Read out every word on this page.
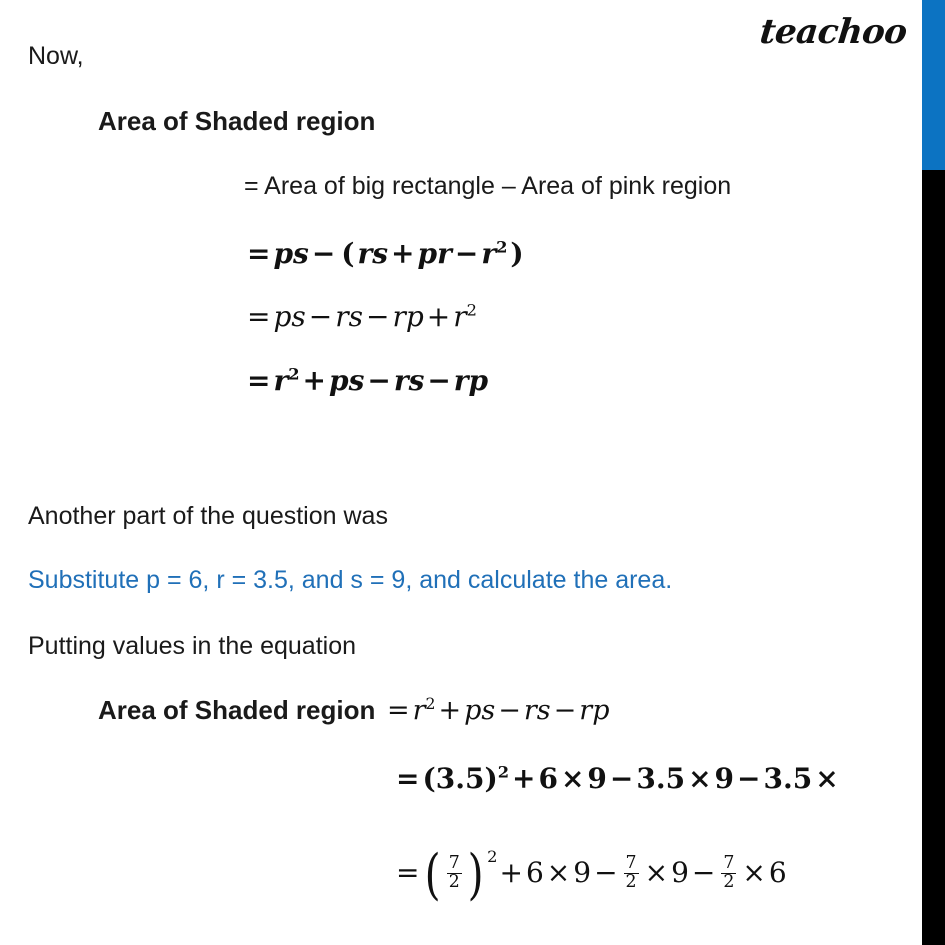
teachoo
Now,
Area of Shaded region
= Area of big rectangle – Area of pink region
= ps − ( rs + pr − $r^2$ )
= ps − rs − rp + $r^2$
= $r^2$ + ps − rs − rp
Another part of the question was
Substitute p = 6, r = 3.5, and s = 9, and calculate the area.
Putting values in the equation
Area of Shaded region = $r^2$ + ps − rs − rp
= $(3.5)^2 + 6 \times 9 - 3.5 \times 9 - 3.5$ ×
= ( $\frac{7}{2} )^2 + 6 \times 9 - \frac{7}{2} \times 9 - \frac{7}{2} \times 6$
